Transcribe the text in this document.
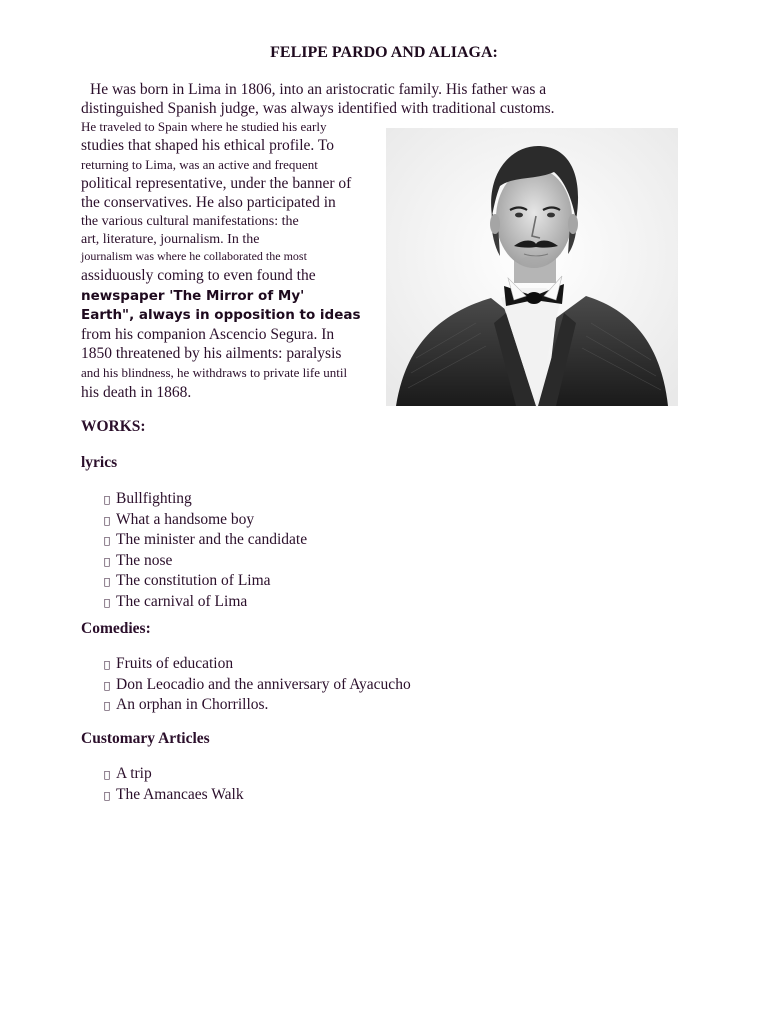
FELIPE PARDO AND ALIAGA:
He was born in Lima in 1806, into an aristocratic family. His father was a
distinguished Spanish judge, was always identified with traditional customs.
He traveled to Spain where he studied his early
studies that shaped his ethical profile. To
returning to Lima, was an active and frequent
political representative, under the banner of
the conservatives. He also participated in
the various cultural manifestations: the
art, literature, journalism. In the
journalism was where he collaborated the most
assiduously coming to even found the
newspaper 'The Mirror of My'
Earth", always in opposition to ideas
from his companion Ascencio Segura. In
1850 threatened by his ailments: paralysis
and his blindness, he withdraws to private life until
his death in 1868.
WORKS:
lyrics
Bullfighting
What a handsome boy
The minister and the candidate
The nose
The constitution of Lima
The carnival of Lima
Comedies:
Fruits of education
Don Leocadio and the anniversary of Ayacucho
An orphan in Chorrillos.
Customary Articles
A trip
The Amancaes Walk
